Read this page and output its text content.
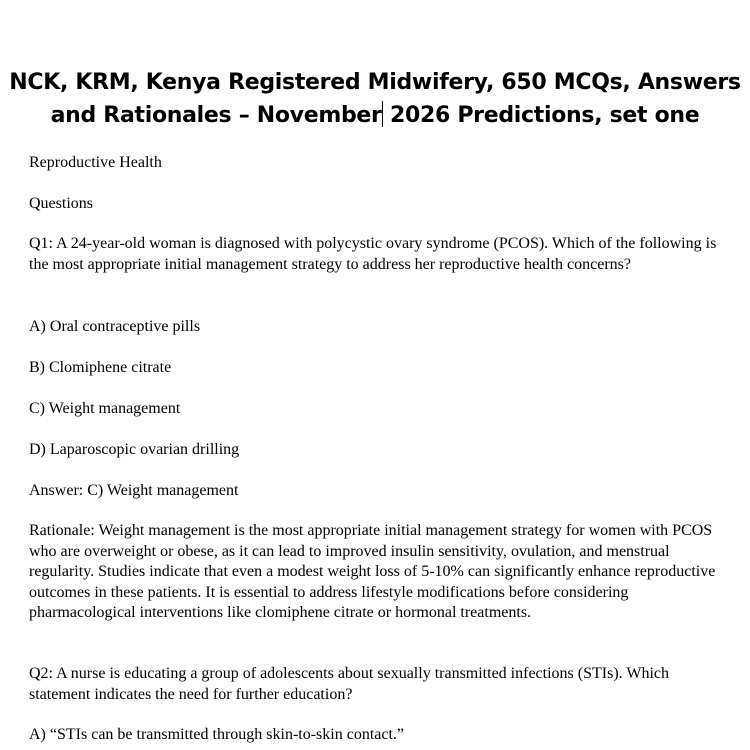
NCK, KRM, Kenya Registered Midwifery, 650 MCQs, Answers
and Rationales – November 2026 Predictions, set one

Reproductive Health

Questions

Q1: A 24-year-old woman is diagnosed with polycystic ovary syndrome (PCOS). Which of the following is the most appropriate initial management strategy to address her reproductive health concerns?

A) Oral contraceptive pills

B) Clomiphene citrate

C) Weight management

D) Laparoscopic ovarian drilling

Answer: C) Weight management

Rationale: Weight management is the most appropriate initial management strategy for women with PCOS who are overweight or obese, as it can lead to improved insulin sensitivity, ovulation, and menstrual regularity. Studies indicate that even a modest weight loss of 5-10% can significantly enhance reproductive outcomes in these patients. It is essential to address lifestyle modifications before considering pharmacological interventions like clomiphene citrate or hormonal treatments.

Q2: A nurse is educating a group of adolescents about sexually transmitted infections (STIs). Which statement indicates the need for further education?

A) “STIs can be transmitted through skin-to-skin contact.”
